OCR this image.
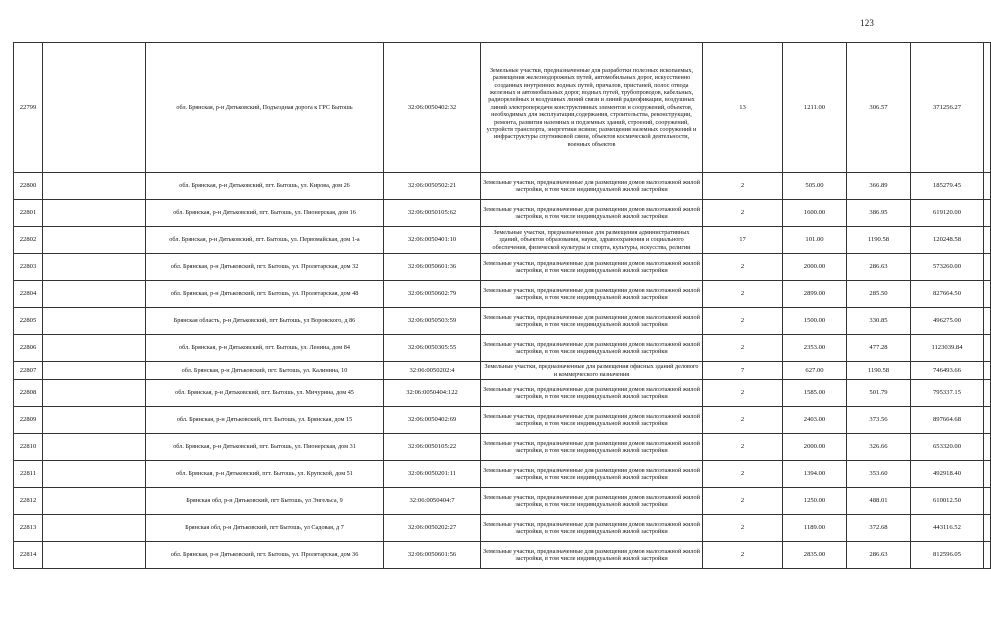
123
22799		обл. Брянская, р-н Дятьковский, Подъездная дорога к ГРС Бытошь	32:06:0050402:32	Земельные участки, предназначенные для разработки полезных ископаемых, размещения железнодорожных путей, автомобильных дорог, искусственно созданных внутренних водных путей, причалов, пристаней, полос отвода железных и автомобильных дорог, водных путей, трубопроводов, кабельных, радиорелейных и воздушных линий связи и линий радиофикации, воздушных линий электропередачи конструктивных элементов и сооружений, объектов, необходимых для эксплуатации,содержания, строительства, реконструкции, ремонта, развития наземных и подземных зданий, строений, сооружений, устройств транспорта, энергетики исвязи; размещения наземных сооружений и инфраструктуры спутниковой связи, объектов космической деятельности, военных объектов	13	1211.00	306.57	371256.27	
22800		обл. Брянская, р-н Дятьковский, пгт. Бытошь, ул. Кирова, дом 26	32:06:0050502:21	Земельные участки, предназначенные для размещения домов малоэтажной жилой застройки, в том числе индивидуальной жилой застройки	2	505.00	366.89	185279.45	
22801		обл. Брянская, р-н Дятьковский, пгт. Бытошь, ул. Пионерская, дом 16	32:06:0050105:62	Земельные участки, предназначенные для размещения домов малоэтажной жилой застройки, в том числе индивидуальной жилой застройки	2	1600.00	386.95	619120.00	
22802		обл. Брянская, р-н Дятьковский, пгт. Бытошь, ул. Первомайская, дом 1-а	32:06:0050401:10	Земельные участки, предназначенные для размещения административных зданий, объектов образования, науки, здравоохранения и социального обеспечения, физической культуры и спорта, культуры, искусства, религии	17	101.00	1190.58	120248.58	
22803		обл. Брянская, р-н Дятьковский, пгт. Бытошь, ул. Пролетарская, дом 32	32:06:0050601:36	Земельные участки, предназначенные для размещения домов малоэтажной жилой застройки, в том числе индивидуальной жилой застройки	2	2000.00	286.63	573260.00	
22804		обл. Брянская, р-н Дятьковский, пгт. Бытошь, ул. Пролетарская, дом 48	32:06:0050602:79	Земельные участки, предназначенные для размещения домов малоэтажной жилой застройки, в том числе индивидуальной жилой застройки	2	2899.00	285.50	827664.50	
22805		Брянская область, р-н Дятьковский, пгт Бытошь, ул Воровского, д 86	32:06:0050503:59	Земельные участки, предназначенные для размещения домов малоэтажной жилой застройки, в том числе индивидуальной жилой застройки	2	1500.00	330.85	496275.00	
22806		обл. Брянская, р-н Дятьковский, пгт. Бытошь, ул. Ленина, дом 84	32:06:0050305:55	Земельные участки, предназначенные для размещения домов малоэтажной жилой застройки, в том числе индивидуальной жилой застройки	2	2353.00	477.28	1123039.84	
22807		обл. Брянская, р-н Дятьковский, пгт. Бытошь, ул. Калинина, 10	32:06:0050202:4	Земельные участки, предназначенные для размещения офисных зданий делового и коммерческого назначения	7	627.00	1190.58	746493.66	
22808		обл. Брянская, р-н Дятьковский, пгт. Бытошь, ул. Мичурина, дом 45	32:06:0050404:122	Земельные участки, предназначенные для размещения домов малоэтажной жилой застройки, в том числе индивидуальной жилой застройки	2	1585.00	501.79	795337.15	
22809		обл. Брянская, р-н Дятьковский, пгт. Бытошь, ул. Брянская, дом 15	32:06:0050402:69	Земельные участки, предназначенные для размещения домов малоэтажной жилой застройки, в том числе индивидуальной жилой застройки	2	2403.00	373.56	897664.68	
22810		обл. Брянская, р-н Дятьковский, пгт. Бытошь, ул. Пионерская, дом 31	32:06:0050105:22	Земельные участки, предназначенные для размещения домов малоэтажной жилой застройки, в том числе индивидуальной жилой застройки	2	2000.00	326.66	653320.00	
22811		обл. Брянская, р-н Дятьковский, пгт. Бытошь, ул. Крупской, дом 51	32:06:0050201:11	Земельные участки, предназначенные для размещения домов малоэтажной жилой застройки, в том числе индивидуальной жилой застройки	2	1394.00	353.60	492918.40	
22812		Брянская обл, р-н Дятьковский, пгт Бытошь, ул Энгельса, 9	32:06:0050404:7	Земельные участки, предназначенные для размещения домов малоэтажной жилой застройки, в том числе индивидуальной жилой застройки	2	1250.00	488.01	610012.50	
22813		Брянская обл, р-н Дятьковский, пгт Бытошь, ул Садовая, д 7	32:06:0050202:27	Земельные участки, предназначенные для размещения домов малоэтажной жилой застройки, в том числе индивидуальной жилой застройки	2	1189.00	372.68	443116.52	
22814		обл. Брянская, р-н Дятьковский, пгт. Бытошь, ул. Пролетарская, дом 36	32:06:0050601:56	Земельные участки, предназначенные для размещения домов малоэтажной жилой застройки, в том числе индивидуальной жилой застройки	2	2835.00	286.63	812596.05	
